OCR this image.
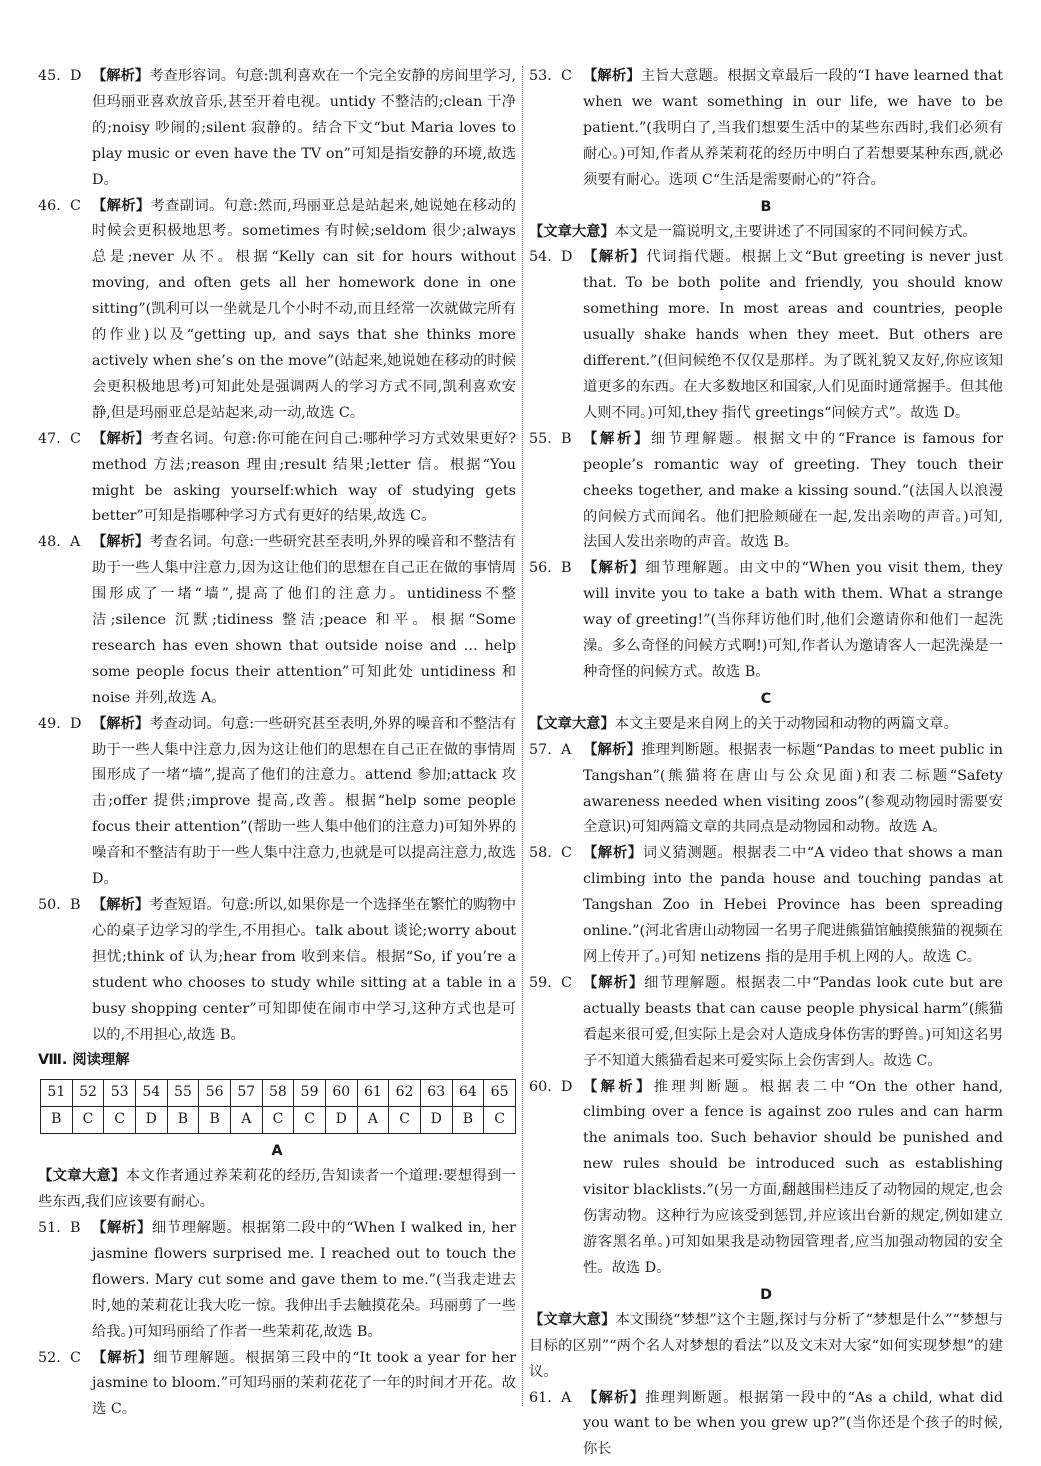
45. D 【解析】考查形容词。句意:凯利喜欢在一个完全安静的房间里学习,但玛丽亚喜欢放音乐,甚至开着电视。untidy 不整洁的;clean 干净的;noisy 吵闹的;silent 寂静的。结合下文“but Maria loves to play music or even have the TV on”可知是指安静的环境,故选 D。
46. C 【解析】考查副词。句意:然而,玛丽亚总是站起来,她说她在移动的时候会更积极地思考。sometimes 有时候;seldom 很少;always总是;never 从不。根据“Kelly can sit for hours without moving, and often gets all her homework done in one sitting”(凯利可以一坐就是几个小时不动,而且经常一次就做完所有的作业)以及“getting up, and says that she thinks more actively when she’s on the move”(站起来,她说她在移动的时候会更积极地思考)可知此处是强调两人的学习方式不同,凯利喜欢安静,但是玛丽亚总是站起来,动一动,故选 C。
47. C 【解析】考查名词。句意:你可能在问自己:哪种学习方式效果更好? method 方法;reason 理由;result 结果;letter 信。根据“You might be asking yourself:which way of studying gets better”可知是指哪种学习方式有更好的结果,故选 C。
48. A 【解析】考查名词。句意:一些研究甚至表明,外界的噪音和不整洁有助于一些人集中注意力,因为这让他们的思想在自己正在做的事情周围形成了一堵“墙”,提高了他们的注意力。untidiness不整洁;silence 沉默;tidiness 整洁;peace 和平。根据“Some research has even shown that outside noise and … help some people focus their attention”可知此处 untidiness 和 noise 并列,故选 A。
49. D 【解析】考查动词。句意:一些研究甚至表明,外界的噪音和不整洁有助于一些人集中注意力,因为这让他们的思想在自己正在做的事情周围形成了一堵“墙”,提高了他们的注意力。attend 参加;attack 攻击;offer 提供;improve 提高,改善。根据“help some people focus their attention”(帮助一些人集中他们的注意力)可知外界的噪音和不整洁有助于一些人集中注意力,也就是可以提高注意力,故选 D。
50. B 【解析】考查短语。句意:所以,如果你是一个选择坐在繁忙的购物中心的桌子边学习的学生,不用担心。talk about 谈论;worry about 担忧;think of 认为;hear from 收到来信。根据“So, if you’re a student who chooses to study while sitting at a table in a busy shopping center”可知即使在闹市中学习,这种方式也是可以的,不用担心,故选 B。
Ⅷ. 阅读理解
51	52	53	54	55	56	57	58	59	60	61	62	63	64	65
B	C	C	D	B	B	A	C	C	D	A	C	D	B	C
A
【文章大意】本文作者通过养茉莉花的经历,告知读者一个道理:要想得到一些东西,我们应该要有耐心。
51. B 【解析】细节理解题。根据第二段中的“When I walked in, her jasmine flowers surprised me. I reached out to touch the flowers. Mary cut some and gave them to me.”(当我走进去时,她的茉莉花让我大吃一惊。我伸出手去触摸花朵。玛丽剪了一些给我。)可知玛丽给了作者一些茉莉花,故选 B。
52. C 【解析】细节理解题。根据第三段中的“It took a year for her jasmine to bloom.”可知玛丽的茉莉花花了一年的时间才开花。故选 C。
53. C 【解析】主旨大意题。根据文章最后一段的“I have learned that when we want something in our life, we have to be patient.”(我明白了,当我们想要生活中的某些东西时,我们必须有耐心。)可知,作者从养茉莉花的经历中明白了若想要某种东西,就必须要有耐心。选项 C“生活是需要耐心的”符合。
B
【文章大意】本文是一篇说明文,主要讲述了不同国家的不同问候方式。
54. D 【解析】代词指代题。根据上文“But greeting is never just that. To be both polite and friendly, you should know something more. In most areas and countries, people usually shake hands when they meet. But others are different.”(但问候绝不仅仅是那样。为了既礼貌又友好,你应该知道更多的东西。在大多数地区和国家,人们见面时通常握手。但其他人则不同。)可知,they 指代 greetings“问候方式”。故选 D。
55. B 【解析】细节理解题。根据文中的“France is famous for people’s romantic way of greeting. They touch their cheeks together, and make a kissing sound.”(法国人以浪漫的问候方式而闻名。他们把脸颊碰在一起,发出亲吻的声音。)可知,法国人发出亲吻的声音。故选 B。
56. B 【解析】细节理解题。由文中的“When you visit them, they will invite you to take a bath with them. What a strange way of greeting!”(当你拜访他们时,他们会邀请你和他们一起洗澡。多么奇怪的问候方式啊!)可知,作者认为邀请客人一起洗澡是一种奇怪的问候方式。故选 B。
C
【文章大意】本文主要是来自网上的关于动物园和动物的两篇文章。
57. A 【解析】推理判断题。根据表一标题“Pandas to meet public in Tangshan”(熊猫将在唐山与公众见面)和表二标题“Safety awareness needed when visiting zoos”(参观动物园时需要安全意识)可知两篇文章的共同点是动物园和动物。故选 A。
58. C 【解析】词义猜测题。根据表二中“A video that shows a man climbing into the panda house and touching pandas at Tangshan Zoo in Hebei Province has been spreading online.”(河北省唐山动物园一名男子爬进熊猫馆触摸熊猫的视频在网上传开了。)可知 netizens 指的是用手机上网的人。故选 C。
59. C 【解析】细节理解题。根据表二中“Pandas look cute but are actually beasts that can cause people physical harm”(熊猫看起来很可爱,但实际上是会对人造成身体伤害的野兽。)可知这名男子不知道大熊猫看起来可爱实际上会伤害到人。故选 C。
60. D 【解析】推理判断题。根据表二中“On the other hand, climbing over a fence is against zoo rules and can harm the animals too. Such behavior should be punished and new rules should be introduced such as establishing visitor blacklists.”(另一方面,翻越围栏违反了动物园的规定,也会伤害动物。这种行为应该受到惩罚,并应该出台新的规定,例如建立游客黑名单。)可知如果我是动物园管理者,应当加强动物园的安全性。故选 D。
D
【文章大意】本文围绕“梦想”这个主题,探讨与分析了“梦想是什么”“梦想与目标的区别”“两个名人对梦想的看法”以及文末对大家“如何实现梦想”的建议。
61. A 【解析】推理判断题。根据第一段中的“As a child, what did you want to be when you grew up?”(当你还是个孩子的时候,你长
